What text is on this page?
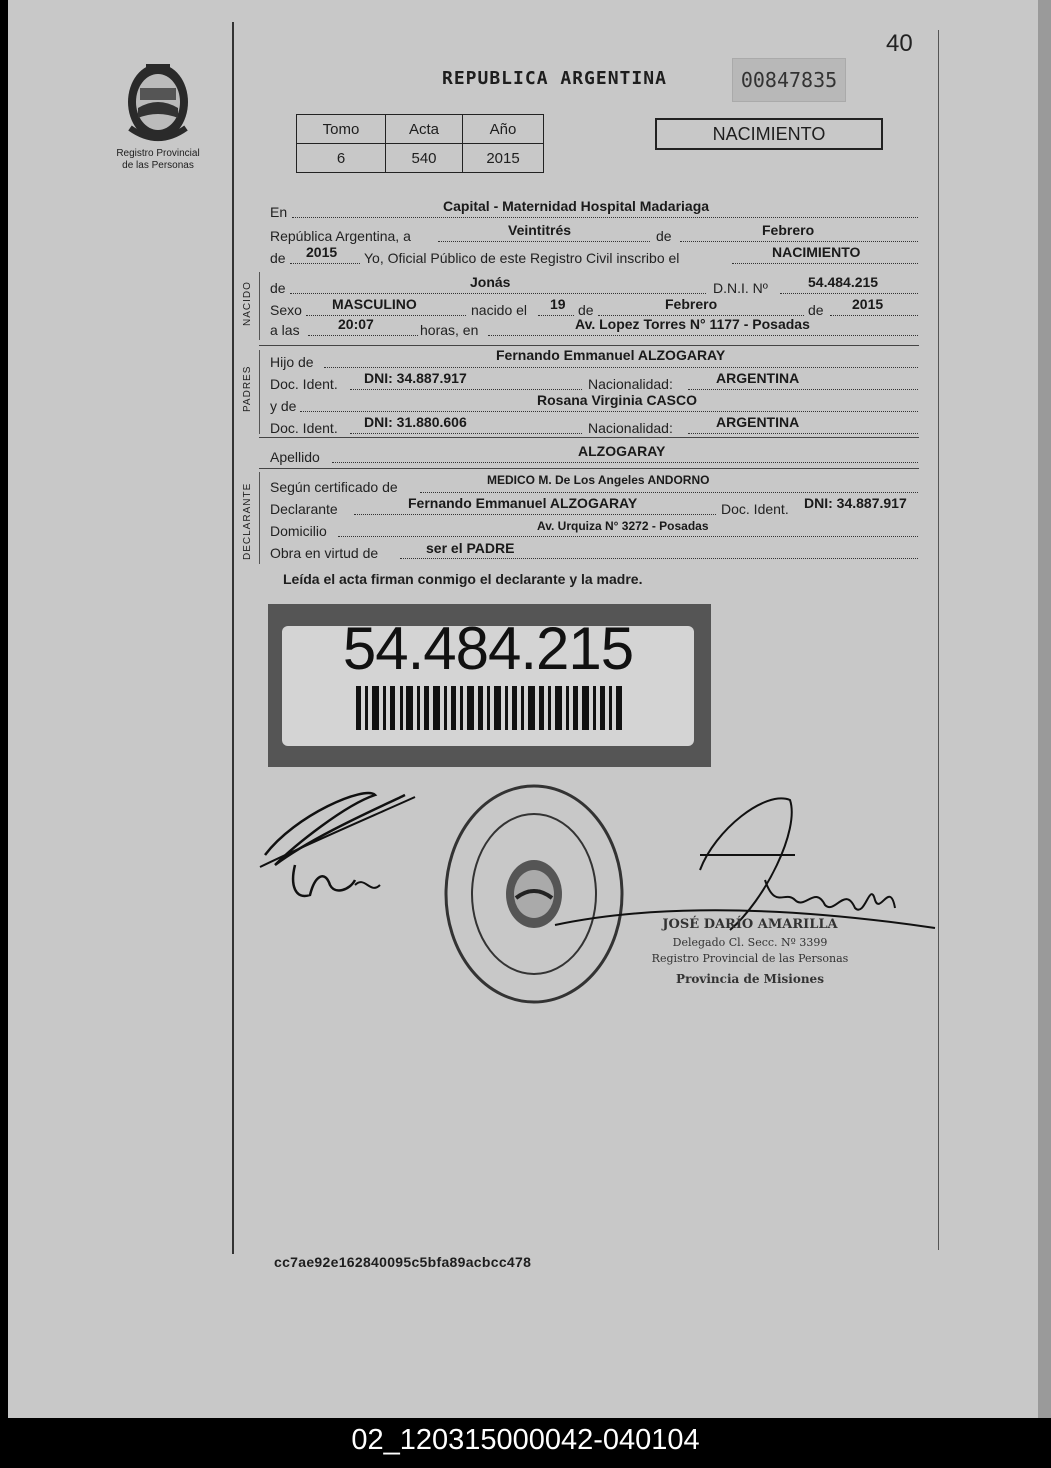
40
Registro Provincial
de las Personas
REPUBLICA ARGENTINA	00847835
Tomo	Acta	Año
6	540	2015
NACIMIENTO
En	Capital - Maternidad Hospital Madariaga
República Argentina, a	Veintitrés	de	Febrero
de 2015 Yo, Oficial Público de este Registro Civil inscribo el	NACIMIENTO
NACIDO de	Jonás	D.N.I. Nº	54.484.215
Sexo MASCULINO	nacido el 19 de	Febrero	de 2015
a las	20:07	horas, en	Av. Lopez Torres N° 1177 - Posadas
PADRES
Hijo de	Fernando Emmanuel ALZOGARAY
Doc. Ident. DNI: 34.887.917	Nacionalidad:	ARGENTINA
y de	Rosana Virginia CASCO
Doc. Ident. DNI: 31.880.606	Nacionalidad:	ARGENTINA
Apellido	ALZOGARAY
DECLARANTE Según certificado de	MEDICO M. De Los Angeles ANDORNO
Declarante	Fernando Emmanuel ALZOGARAY	Doc. Ident. DNI: 34.887.917
Domicilio	Av. Urquiza N° 3272 - Posadas
Obra en virtud de	ser el PADRE
Leída el acta firman conmigo el declarante y la madre.
54.484.215
JOSÉ DARÍO AMARILLA
Delegado Cl. Secc. Nº 3399
Registro Provincial de las Personas
Provincia de Misiones
cc7ae92e162840095c5bfa89acbcc478
02_120315000042-040104
